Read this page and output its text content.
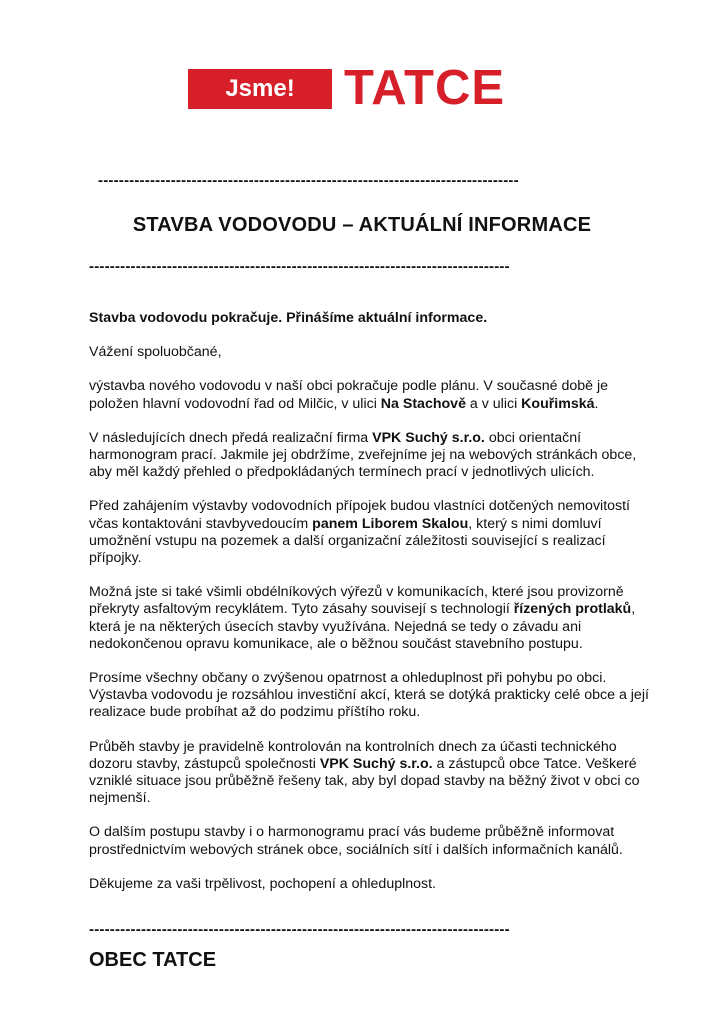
Jsme!	TATCE
---------------------------------------------------------------------------------
STAVBA VODOVODU – AKTUÁLNÍ INFORMACE
---------------------------------------------------------------------------------

Stavba vodovodu pokračuje. Přinášíme aktuální informace.

Vážení spoluobčané,

výstavba nového vodovodu v naší obci pokračuje podle plánu. V současné době je položen hlavní vodovodní řad od Milčic, v ulici Na Stachově a v ulici Kouřimská.

V následujících dnech předá realizační firma VPK Suchý s.r.o. obci orientační harmonogram prací. Jakmile jej obdržíme, zveřejníme jej na webových stránkách obce, aby měl každý přehled o předpokládaných termínech prací v jednotlivých ulicích.

Před zahájením výstavby vodovodních přípojek budou vlastníci dotčených nemovitostí včas kontaktováni stavbyvedoucím panem Liborem Skalou, který s nimi domluví umožnění vstupu na pozemek a další organizační záležitosti související s realizací přípojky.

Možná jste si také všimli obdélníkových výřezů v komunikacích, které jsou provizorně překryty asfaltovým recyklátem. Tyto zásahy souvisejí s technologií řízených protlaků, která je na některých úsecích stavby využívána. Nejedná se tedy o závadu ani nedokončenou opravu komunikace, ale o běžnou součást stavebního postupu.

Prosíme všechny občany o zvýšenou opatrnost a ohleduplnost při pohybu po obci. Výstavba vodovodu je rozsáhlou investiční akcí, která se dotýká prakticky celé obce a její realizace bude probíhat až do podzimu příštího roku.

Průběh stavby je pravidelně kontrolován na kontrolních dnech za účasti technického dozoru stavby, zástupců společnosti VPK Suchý s.r.o. a zástupců obce Tatce. Veškeré vzniklé situace jsou průběžně řešeny tak, aby byl dopad stavby na běžný život v obci co nejmenší.

O dalším postupu stavby i o harmonogramu prací vás budeme průběžně informovat prostřednictvím webových stránek obce, sociálních sítí i dalších informačních kanálů.

Děkujeme za vaši trpělivost, pochopení a ohleduplnost.

---------------------------------------------------------------------------------
OBEC TATCE
